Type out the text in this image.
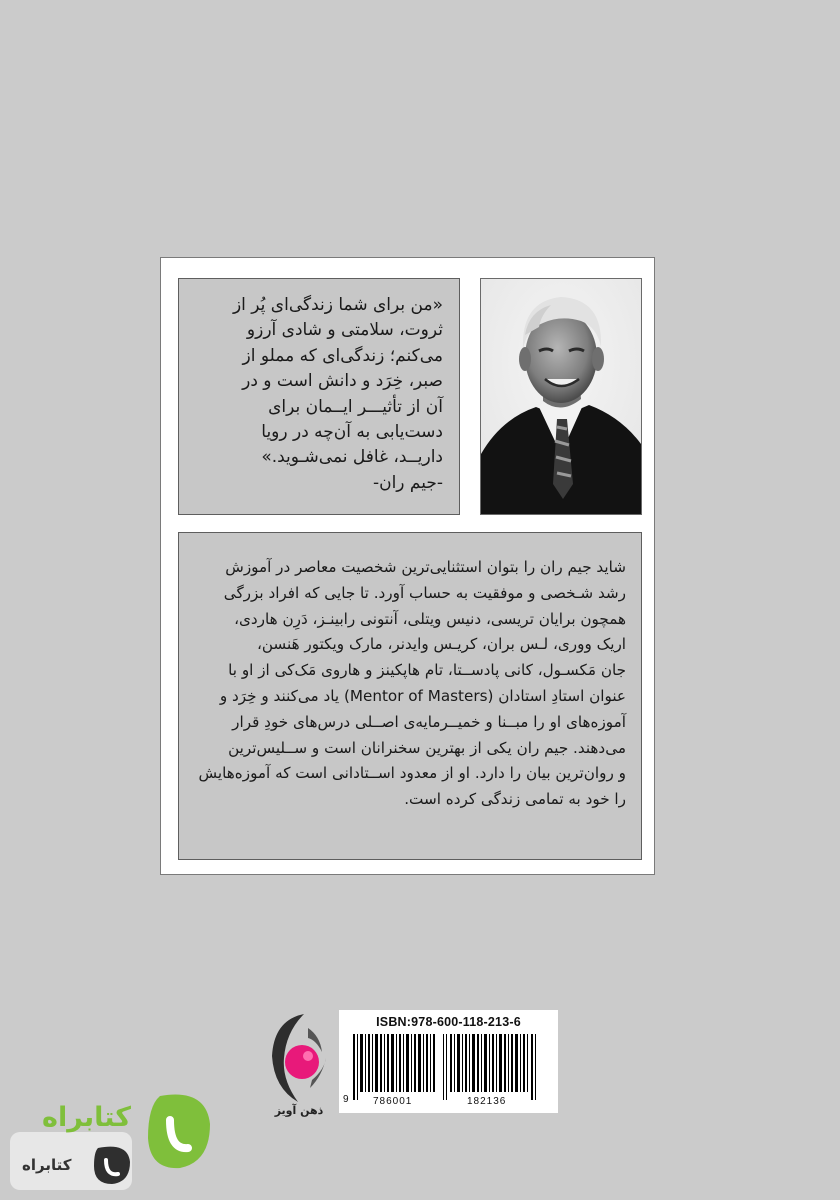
«من برای شما زندگی‌ای پُر از

ثروت، سلامتی و شادی آرزو

می‌کنم؛ زندگی‌ای که مملو از

صبر، خِرَد و دانش است و در

آن از تأثیـــر ایــمان برای

دست‌یابی به آن‌چه در رویا

داریــد، غافل نمی‌شـوید.»

-جیم ران-

شاید جیم ران را بتوان استثنایی‌ترین شخصیت معاصر در آموزش

رشد شـخصی و موفقیت به حساب آورد. تا جایی که افراد بزرگی

همچون برایان تریسی، دنیس ویتلی، آنتونی رابینـز، دَرِن هاردی،

اریک ووری، لـس بران، کریـس وایدنر، مارک ویکتور هَنسن،

جان مَکسـول، کانی پادســتا، تام هاپکینز و هاروی مَک‌کی از او با

عنوان استادِ استادان (Mentor of Masters) یاد می‌کنند و خِرَد و

آموزه‌های او را مبــنا و خمیــرمایه‌ی اصــلی درس‌های خودِ قرار

می‌دهند. جیم ران یکی از بهترین سخنرانان است و ســلیس‌ترین

و روان‌ترین بیان را دارد. او از معدود اســتادانی است که آموزه‌هایش

را خود به تمامی زندگی کرده است.

ذهن آویز
ISBN:978-600-118-213-6
9 786001	182136
کتابراه
کتابراه
